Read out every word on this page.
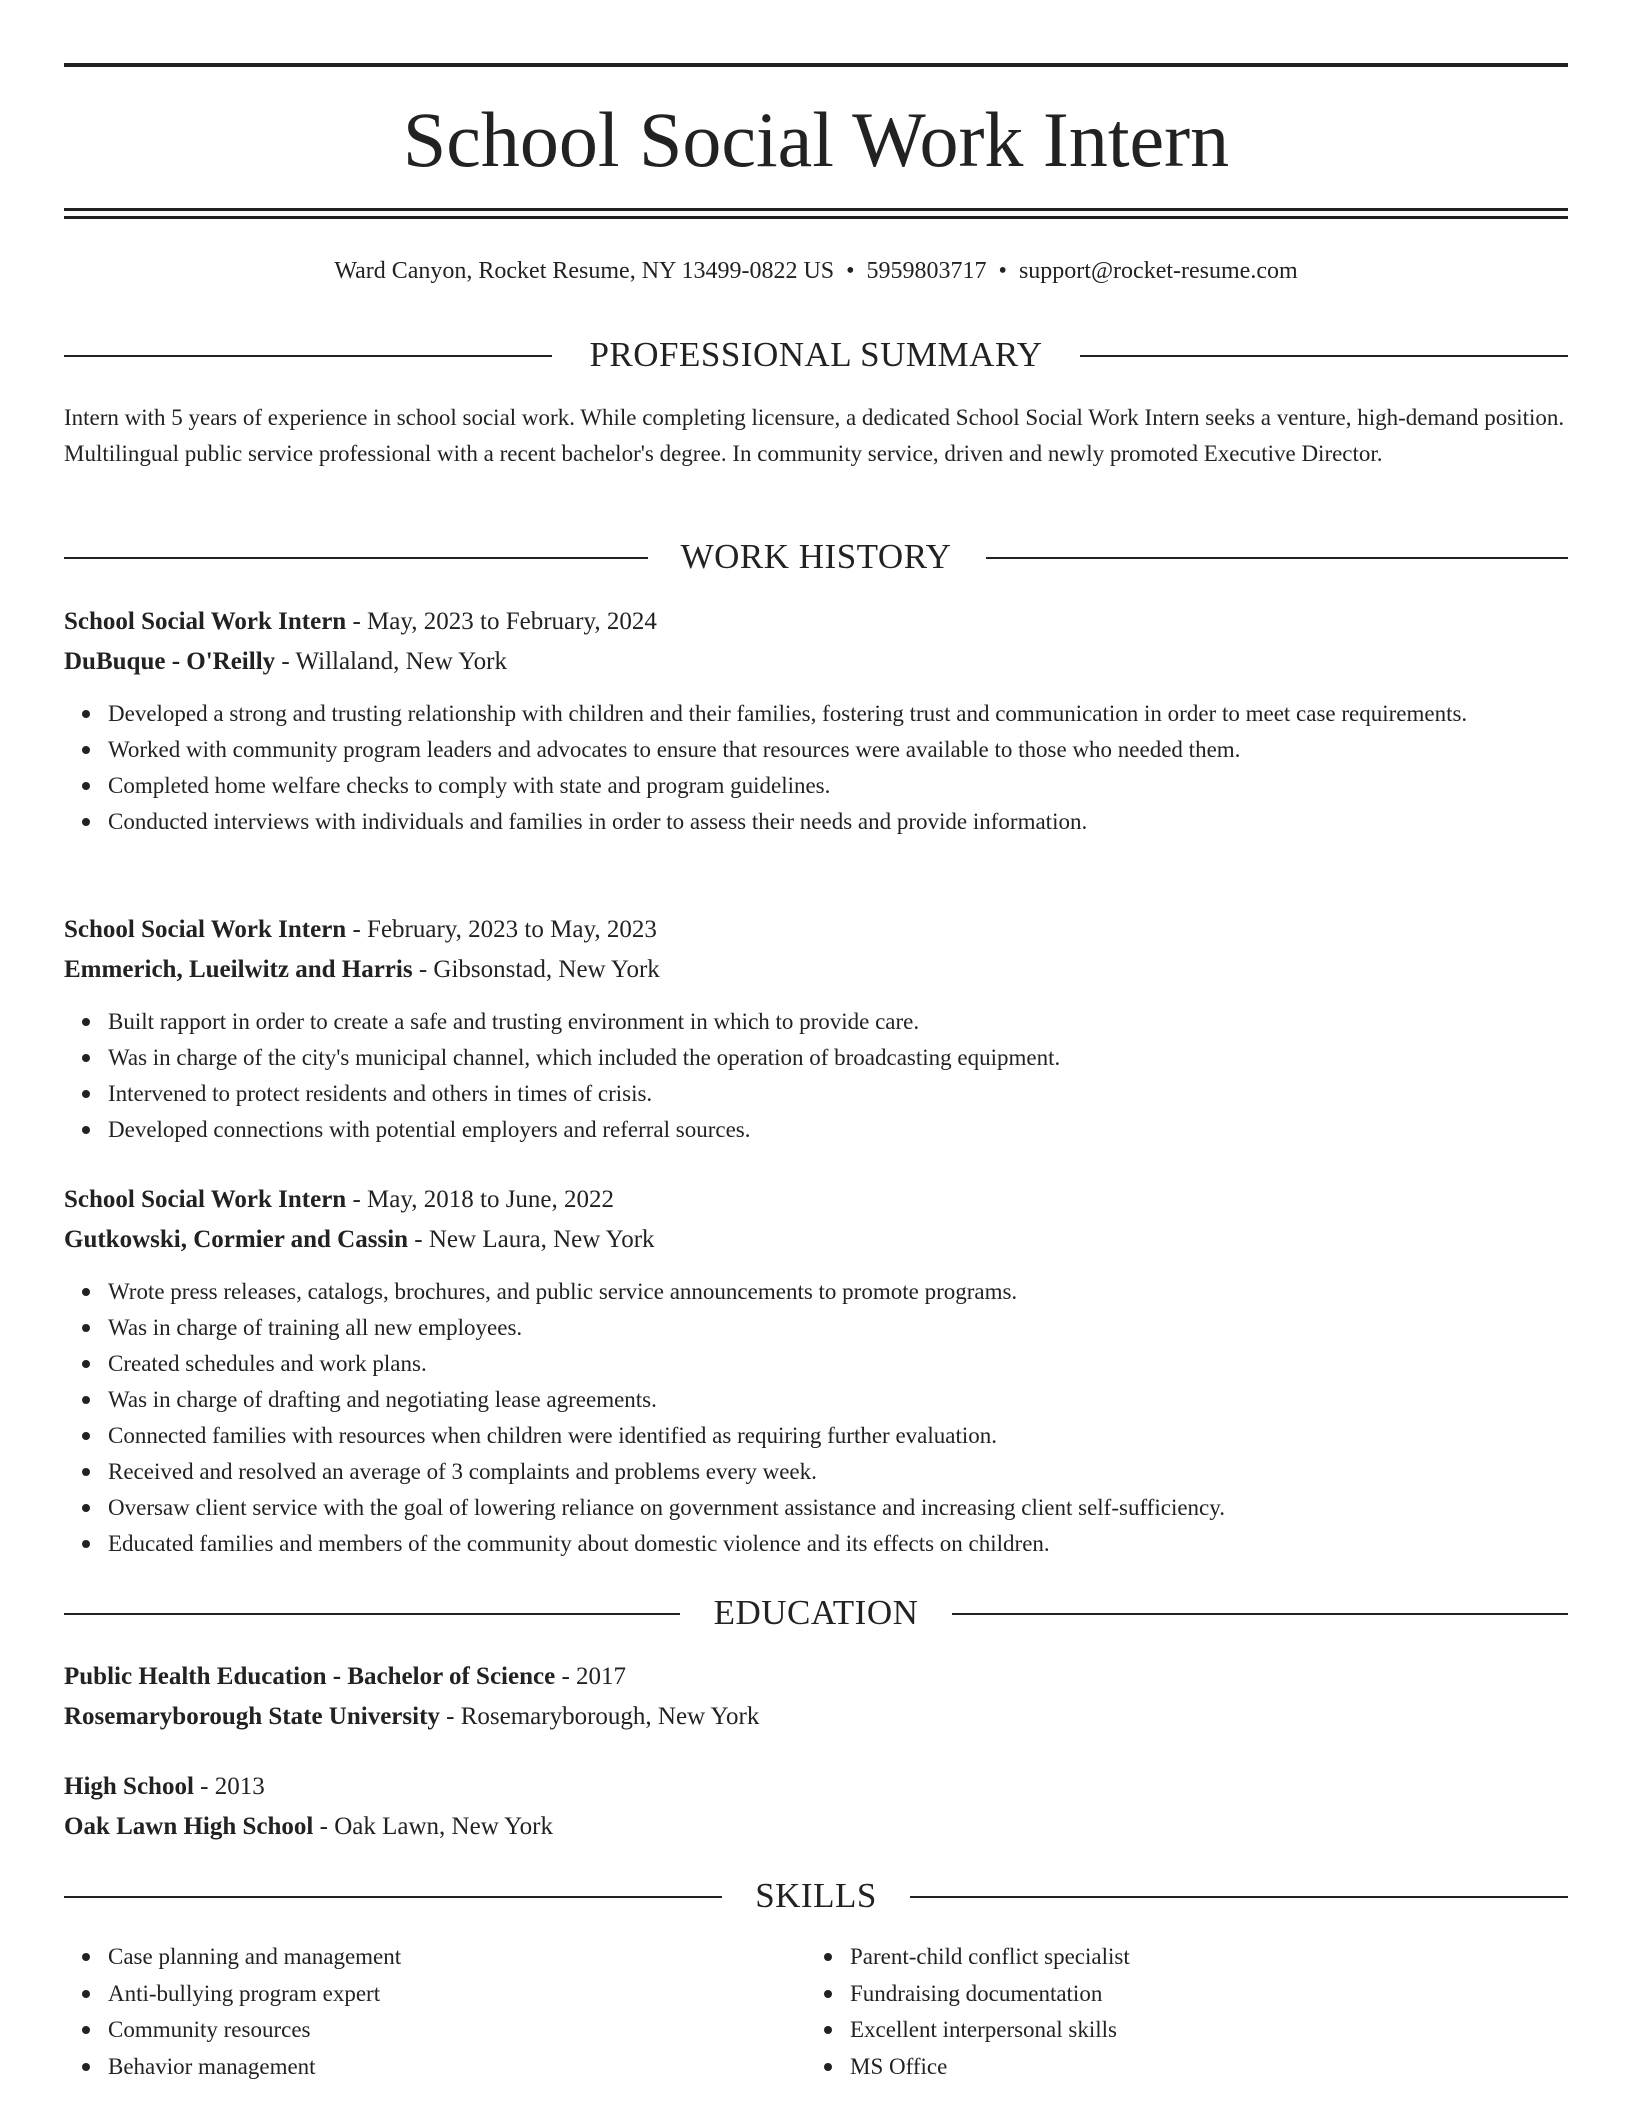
School Social Work Intern
Ward Canyon, Rocket Resume, NY 13499-0822 US • 5959803717 • support@rocket-resume.com
PROFESSIONAL SUMMARY

Intern with 5 years of experience in school social work. While completing licensure, a dedicated School Social Work Intern seeks a venture, high-demand position. Multilingual public service professional with a recent bachelor's degree. In community service, driven and newly promoted Executive Director.

WORK HISTORY
School Social Work Intern - May, 2023 to February, 2024
DuBuque - O'Reilly - Willaland, New York
Developed a strong and trusting relationship with children and their families, fostering trust and communication in order to meet case requirements.
Worked with community program leaders and advocates to ensure that resources were available to those who needed them.
Completed home welfare checks to comply with state and program guidelines.
Conducted interviews with individuals and families in order to assess their needs and provide information.
School Social Work Intern - February, 2023 to May, 2023
Emmerich, Lueilwitz and Harris - Gibsonstad, New York
Built rapport in order to create a safe and trusting environment in which to provide care.
Was in charge of the city's municipal channel, which included the operation of broadcasting equipment.
Intervened to protect residents and others in times of crisis.
Developed connections with potential employers and referral sources.
School Social Work Intern - May, 2018 to June, 2022
Gutkowski, Cormier and Cassin - New Laura, New York
Wrote press releases, catalogs, brochures, and public service announcements to promote programs.
Was in charge of training all new employees.
Created schedules and work plans.
Was in charge of drafting and negotiating lease agreements.
Connected families with resources when children were identified as requiring further evaluation.
Received and resolved an average of 3 complaints and problems every week.
Oversaw client service with the goal of lowering reliance on government assistance and increasing client self-sufficiency.
Educated families and members of the community about domestic violence and its effects on children.
EDUCATION
Public Health Education - Bachelor of Science - 2017
Rosemaryborough State University - Rosemaryborough, New York
High School - 2013
Oak Lawn High School - Oak Lawn, New York
SKILLS
Case planning and management
Anti-bullying program expert
Community resources
Behavior management
Parent-child conflict specialist
Fundraising documentation
Excellent interpersonal skills
MS Office
